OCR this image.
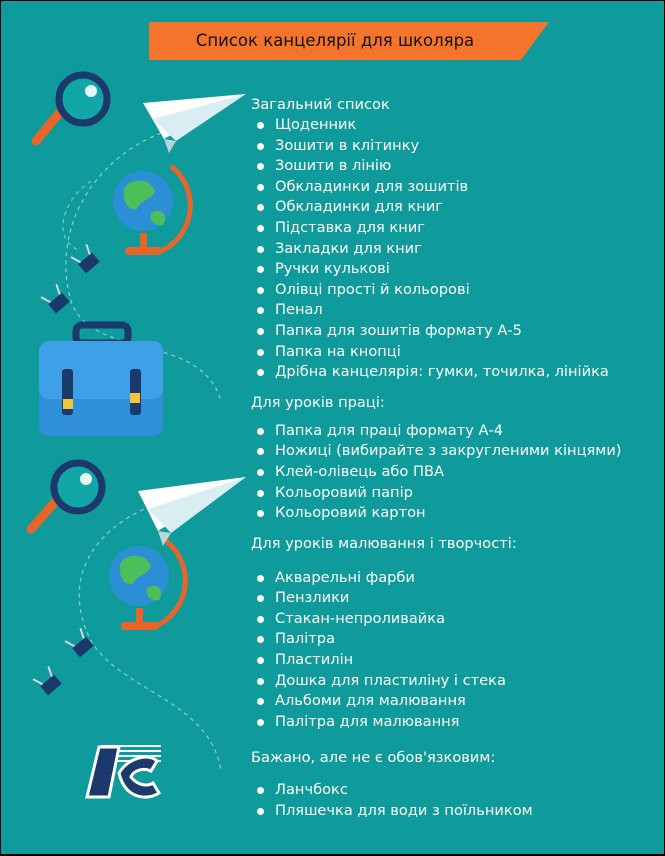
Список канцелярії для школяра
Загальний список
Щоденник
Зошити в клітинку
Зошити в лінію
Обкладинки для зошитів
Обкладинки для книг
Підставка для книг
Закладки для книг
Ручки кулькові
Олівці прості й кольорові
Пенал
Папка для зошитів формату А-5
Папка на кнопці
Дрібна канцелярія: гумки, точилка, лінійка
Для уроків праці:
Папка для праці формату А-4
Ножиці (вибирайте з закругленими кінцями)
Клей-олівець або ПВА
Кольоровий папір
Кольоровий картон
Для уроків малювання і творчості:
Акварельні фарби
Пензлики
Стакан-непроливайка
Палітра
Пластилін
Дошка для пластиліну і стека
Альбоми для малювання
Палітра для малювання
Бажано, але не є обов'язковим:
Ланчбокс
Пляшечка для води з поїльником
